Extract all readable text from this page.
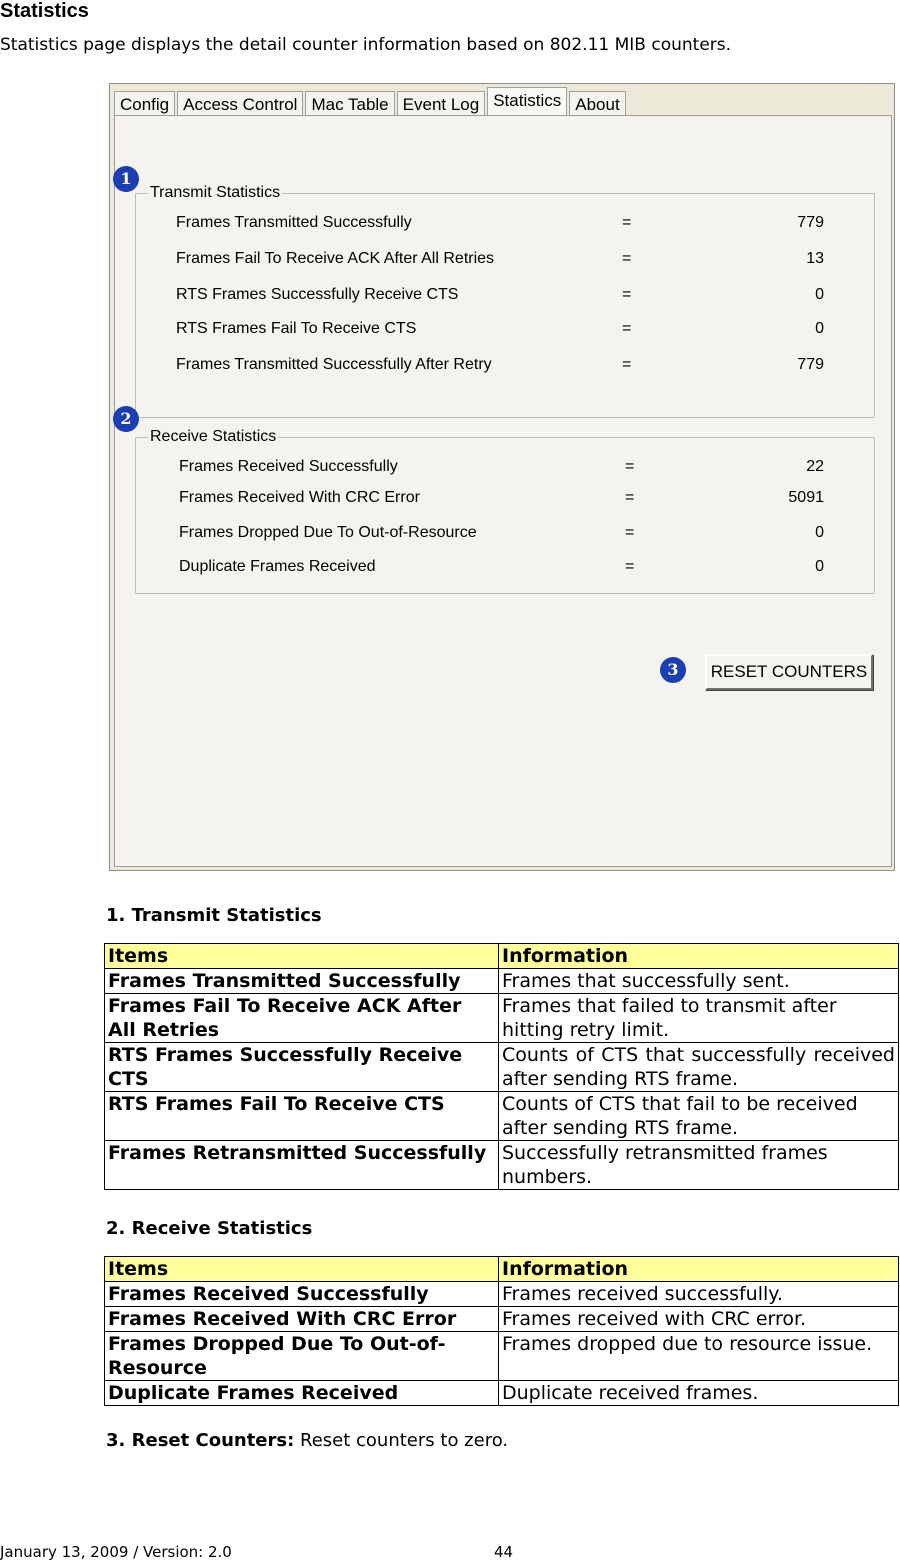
Statistics
Statistics page displays the detail counter information based on 802.11 MIB counters.
Config Access Control Mac Table Event Log Statistics About
1
Transmit Statistics
Frames Transmitted Successfully	=	779
Frames Fail To Receive ACK After All Retries	=	13
RTS Frames Successfully Receive CTS	=	0
RTS Frames Fail To Receive CTS	=	0
Frames Transmitted Successfully After Retry	=	779
2
Receive Statistics
Frames Received Successfully	=	22
Frames Received With CRC Error	=	5091
Frames Dropped Due To Out-of-Resource	=	0
Duplicate Frames Received	=	0
3	RESET COUNTERS
1. Transmit Statistics
Items	Information
Frames Transmitted Successfully	Frames that successfully sent.
Frames Fail To Receive ACK After All Retries	Frames that failed to transmit after hitting retry limit.
RTS Frames Successfully Receive CTS	Counts of CTS that successfully received after sending RTS frame.
RTS Frames Fail To Receive CTS	Counts of CTS that fail to be received after sending RTS frame.
Frames Retransmitted Successfully	Successfully retransmitted frames numbers.
2. Receive Statistics
Items	Information
Frames Received Successfully	Frames received successfully.
Frames Received With CRC Error	Frames received with CRC error.
Frames Dropped Due To Out-of-Resource	Frames dropped due to resource issue.
Duplicate Frames Received	Duplicate received frames.
3. Reset Counters: Reset counters to zero.
January 13, 2009 / Version: 2.0	44
